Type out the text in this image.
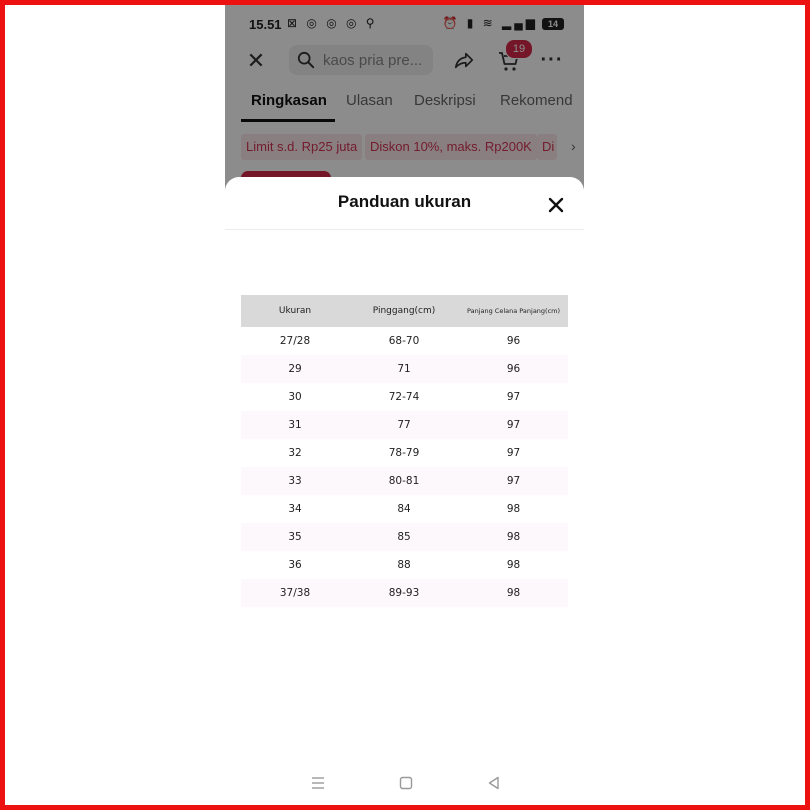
15.51 ⊠ ◎ ◎ ◎ ⚲	⏰ ▮ ≋ ▂▄▆	14
✕	kaos pria pre...
19 ···
Ringkasan Ulasan Deskripsi Rekomend
Limit s.d. Rp25 juta Diskon 10%, maks. Rp200K Di ›
Panduan ukuran
Ukuran	Pinggang(cm)	Panjang Celana Panjang(cm)
27/28	68-70	96
29	71	96
30	72-74	97
31	77	97
32	78-79	97
33	80-81	97
34	84	98
35	85	98
36	88	98
37/38	89-93	98
